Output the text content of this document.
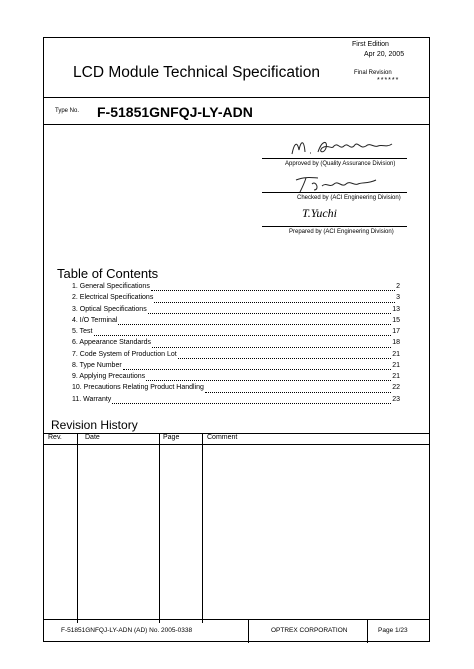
First Edition
Apr 20, 2005
LCD Module Technical Specification	Final Revision
******
Type No. F-51851GNFQJ-LY-ADN
Approved by (Quality Assurance Division)
Checked by (ACI Engineering Division)
T.Yuchi
Prepared by (ACI Engineering Division)
Table of Contents
1. General Specifications	2
2. Electrical Specifications	3
3. Optical Specifications	13
4. I/O Terminal	15
5. Test	17
6. Appearance Standards	18
7. Code System of Production Lot	21
8. Type Number	21
9. Applying Precautions	21
10. Precautions Relating Product Handling	22
11. Warranty	23
Revision History
Rev.	Date	Page	Comment
F-51851GNFQJ-LY-ADN (AD) No. 2005-0338	OPTREX CORPORATION	Page 1/23
